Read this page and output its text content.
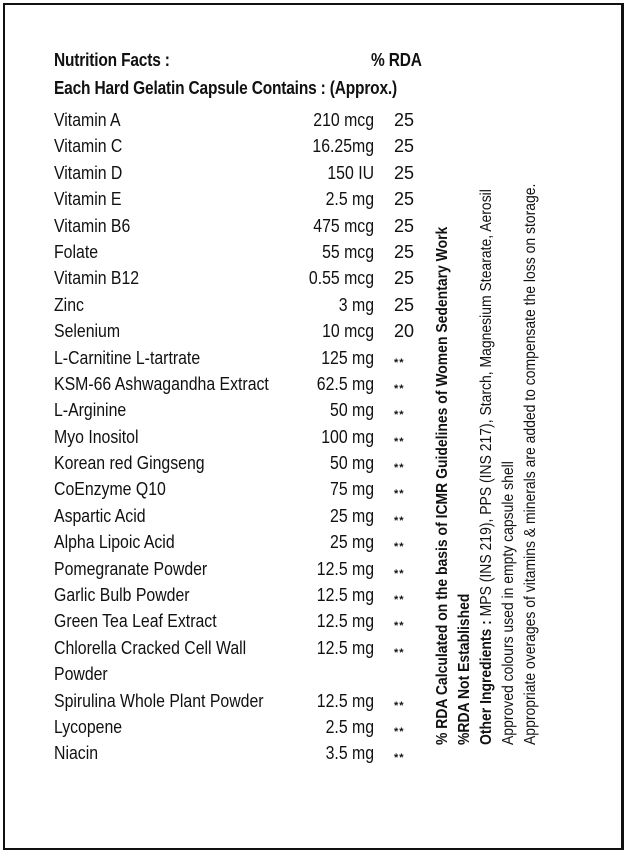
Nutrition Facts :	% RDA
Each Hard Gelatin Capsule Contains : (Approx.)
Vitamin A	210 mcg 25
Vitamin C	16.25mg 25
Vitamin D	150 IU 25
Vitamin E	2.5 mg 25
Vitamin B6	475 mcg 25
Folate	55 mcg 25
Vitamin B12	0.55 mcg 25
Zinc	3 mg 25
Selenium	10 mcg 20
L-Carnitine L-tartrate	125 mg **
KSM-66 Ashwagandha Extract	62.5 mg **
L-Arginine	50 mg **
Myo Inositol	100 mg **
Korean red Gingseng	50 mg **
CoEnzyme Q10	75 mg **
Aspartic Acid	25 mg **
Alpha Lipoic Acid	25 mg **
Pomegranate Powder	12.5 mg **
Garlic Bulb Powder	12.5 mg **
Green Tea Leaf Extract	12.5 mg **
Chlorella Cracked Cell Wall Powder
12.5 mg **
Spirulina Whole Plant Powder	12.5 mg **
Lycopene	2.5 mg **
Niacin	3.5 mg **
% RDA Calculated on the basis of ICMR Guidelines of Women Sedentary Work %RDA Not Established Other Ingredients : MPS (INS 219), PPS (INS 217), Starch, Magnesium Stearate, Aerosil Approved colours used in empty capsule shell Appropriate overages of vitamins & minerals are added to compensate the loss on storage.
